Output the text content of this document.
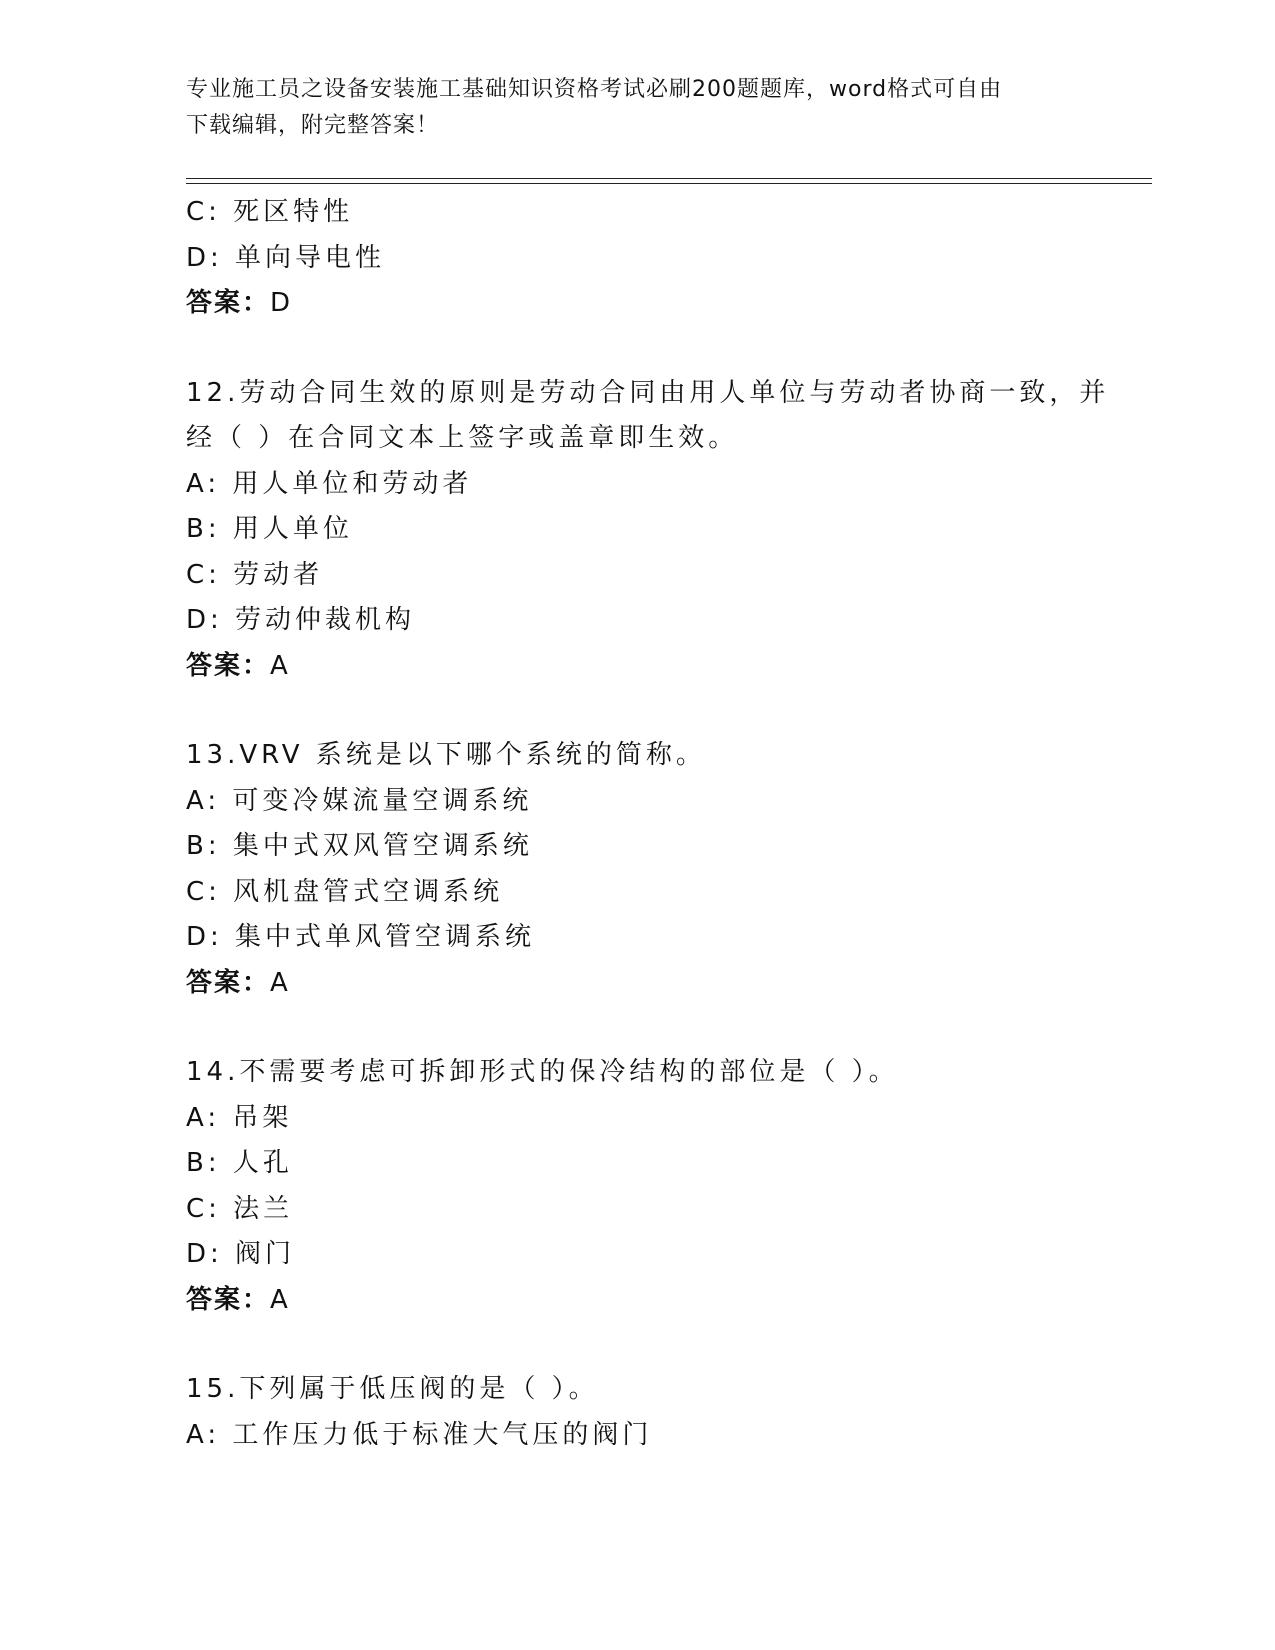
专业施工员之设备安装施工基础知识资格考试必刷200题题库，word格式可自由
下载编辑，附完整答案！
C: 死区特性
D: 单向导电性
答案：D
12.劳动合同生效的原则是劳动合同由用人单位与劳动者协商一致，并
经（ ）在合同文本上签字或盖章即生效。
A: 用人单位和劳动者
B: 用人单位
C: 劳动者
D: 劳动仲裁机构
答案：A
13.VRV 系统是以下哪个系统的简称。
A: 可变冷媒流量空调系统
B: 集中式双风管空调系统
C: 风机盘管式空调系统
D: 集中式单风管空调系统
答案：A
14.不需要考虑可拆卸形式的保冷结构的部位是（ ）。
A: 吊架
B: 人孔
C: 法兰
D: 阀门
答案：A
15.下列属于低压阀的是（ ）。
A: 工作压力低于标准大气压的阀门
